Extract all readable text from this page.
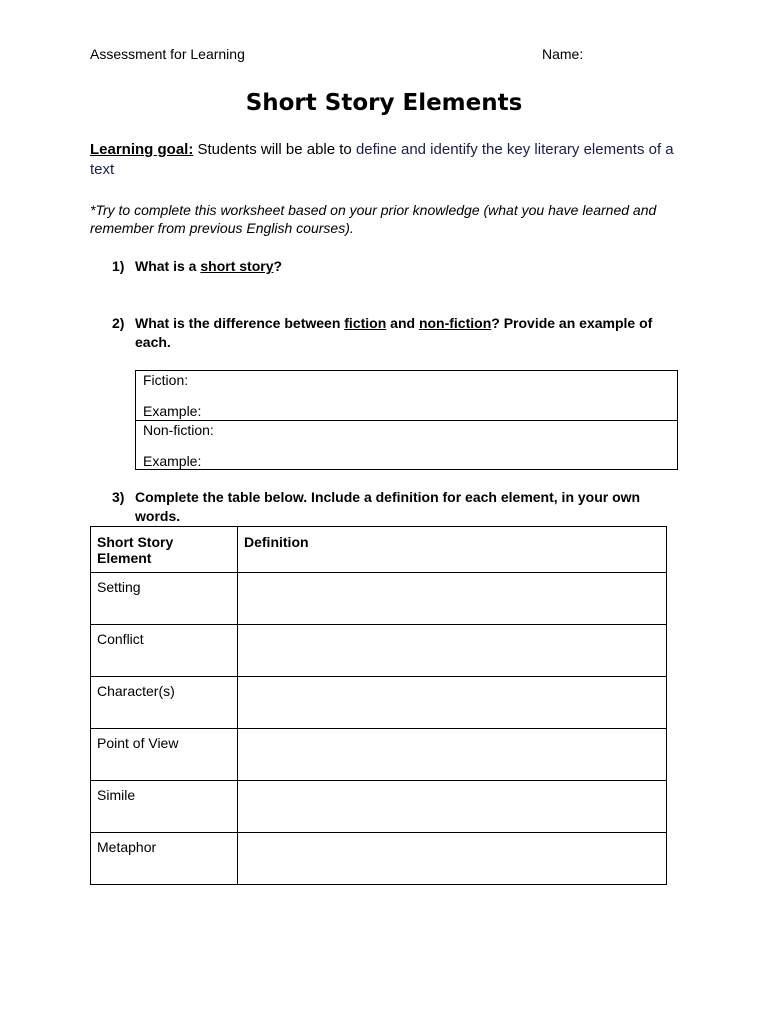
Assessment for Learning	Name:
Short Story Elements
Learning goal: Students will be able to define and identify the key literary elements of a text
*Try to complete this worksheet based on your prior knowledge (what you have learned and remember from previous English courses).
1) What is a short story?
2) What is the difference between fiction and non-fiction? Provide an example of each.
Fiction:
Example:
Non-fiction:
Example:
3) Complete the table below. Include a definition for each element, in your own words.
Short Story Element	Definition
Setting	
Conflict	
Character(s)	
Point of View	
Simile	
Metaphor	
